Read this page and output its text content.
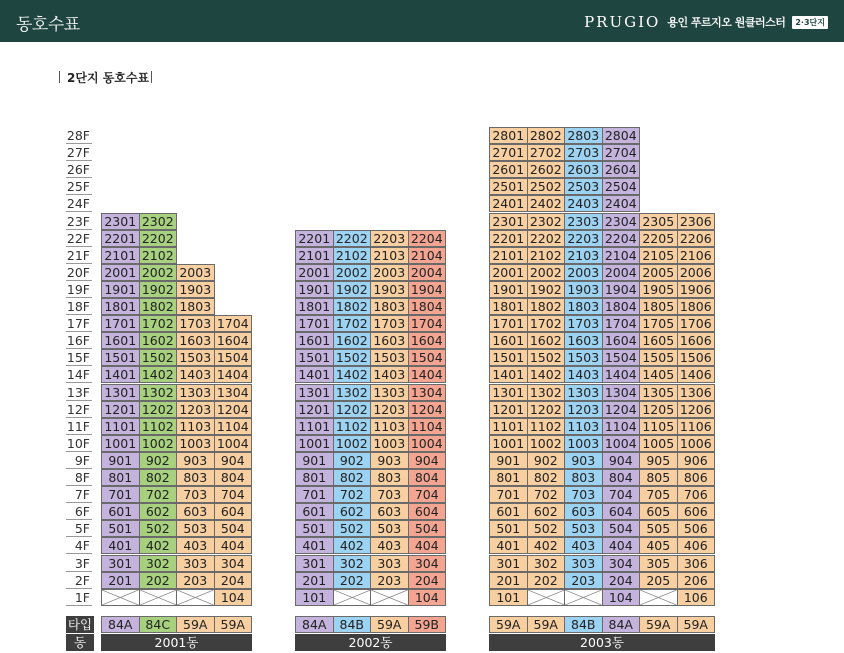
동호수표	PRUGIO 용인 푸르지오 원클러스터	2·3단지
2단지 동호수표
28F
27F
26F
25F
24F
23F
22F
21F
20F
19F
18F
17F
16F
15F
14F
13F
12F
11F
10F
9F
8F
7F
6F
5F
4F
3F
2F
1F
타입
동
2301
2201
2101
2001
1901
1801
1701
1601
1501
1401
1301
1201
1101
1001
901
801
701
601
501
401
301
201
84A
2302
2202
2102
2002
1902
1802
1702
1602
1502
1402
1302
1202
1102
1002
902
802
702
602
502
402
302
202
84C
2003
1903
1803
1703
1603
1503
1403
1303
1203
1103
1003
903
803
703
603
503
403
303
203
59A
1704
1604
1504
1404
1304
1204
1104
1004
904
804
704
604
504
404
304
204
104
59A
2001동
2201
2101
2001
1901
1801
1701
1601
1501
1401
1301
1201
1101
1001
901
801
701
601
501
401
301
201
101
84A
2202
2102
2002
1902
1802
1702
1602
1502
1402
1302
1202
1102
1002
902
802
702
602
502
402
302
202
84B
2203
2103
2003
1903
1803
1703
1603
1503
1403
1303
1203
1103
1003
903
803
703
603
503
403
303
203
59A
2204
2104
2004
1904
1804
1704
1604
1504
1404
1304
1204
1104
1004
904
804
704
604
504
404
304
204
104
59B
2002동
2801
2701
2601
2501
2401
2301
2201
2101
2001
1901
1801
1701
1601
1501
1401
1301
1201
1101
1001
901
801
701
601
501
401
301
201
101
59A
2802
2702
2602
2502
2402
2302
2202
2102
2002
1902
1802
1702
1602
1502
1402
1302
1202
1102
1002
902
802
702
602
502
402
302
202
59A
2803
2703
2603
2503
2403
2303
2203
2103
2003
1903
1803
1703
1603
1503
1403
1303
1203
1103
1003
903
803
703
603
503
403
303
203
84B
2804
2704
2604
2504
2404
2304
2204
2104
2004
1904
1804
1704
1604
1504
1404
1304
1204
1104
1004
904
804
704
604
504
404
304
204
104
84A
2305
2205
2105
2005
1905
1805
1705
1605
1505
1405
1305
1205
1105
1005
905
805
705
605
505
405
305
205
59A
2306
2206
2106
2006
1906
1806
1706
1606
1506
1406
1306
1206
1106
1006
906
806
706
606
506
406
306
206
106
59A
2003동
